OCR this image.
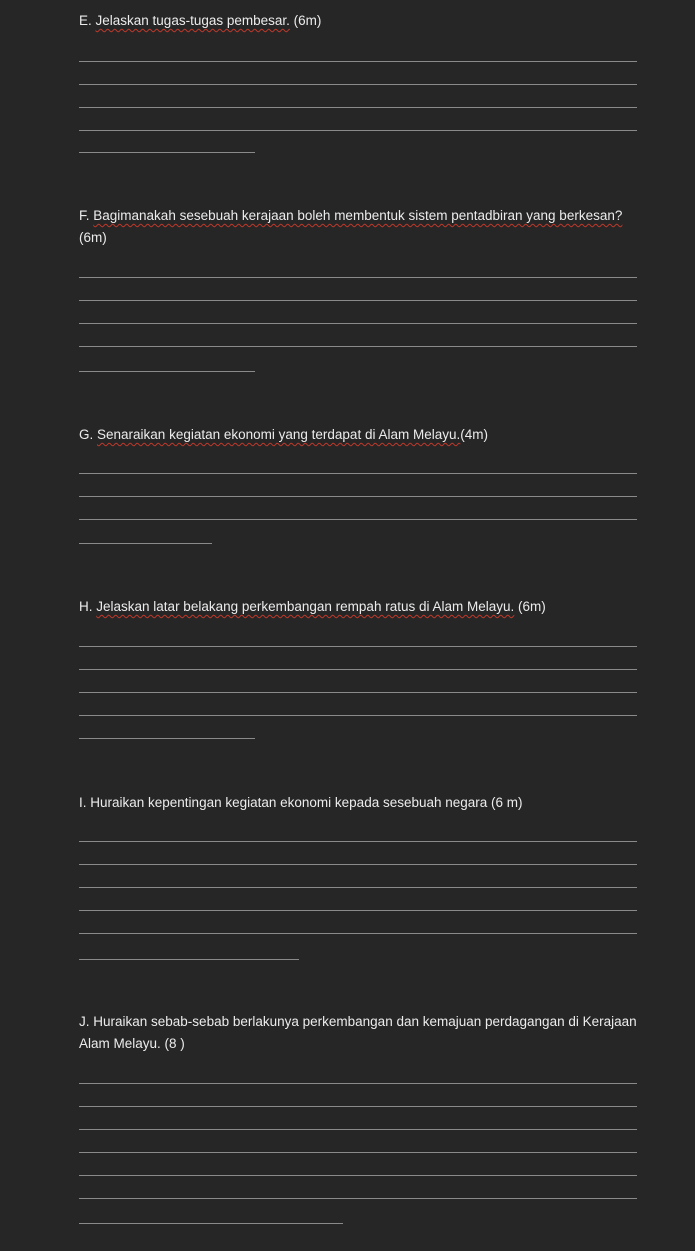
E. Jelaskan tugas-tugas pembesar. (6m)

F. Bagimanakah sesebuah kerajaan boleh membentuk sistem pentadbiran yang berkesan? (6m)

G. Senaraikan kegiatan ekonomi yang terdapat di Alam Melayu.(4m)

H. Jelaskan latar belakang perkembangan rempah ratus di Alam Melayu. (6m)

I. Huraikan kepentingan kegiatan ekonomi kepada sesebuah negara (6 m)

J. Huraikan sebab-sebab berlakunya perkembangan dan kemajuan perdagangan di Kerajaan Alam Melayu. (8 )
